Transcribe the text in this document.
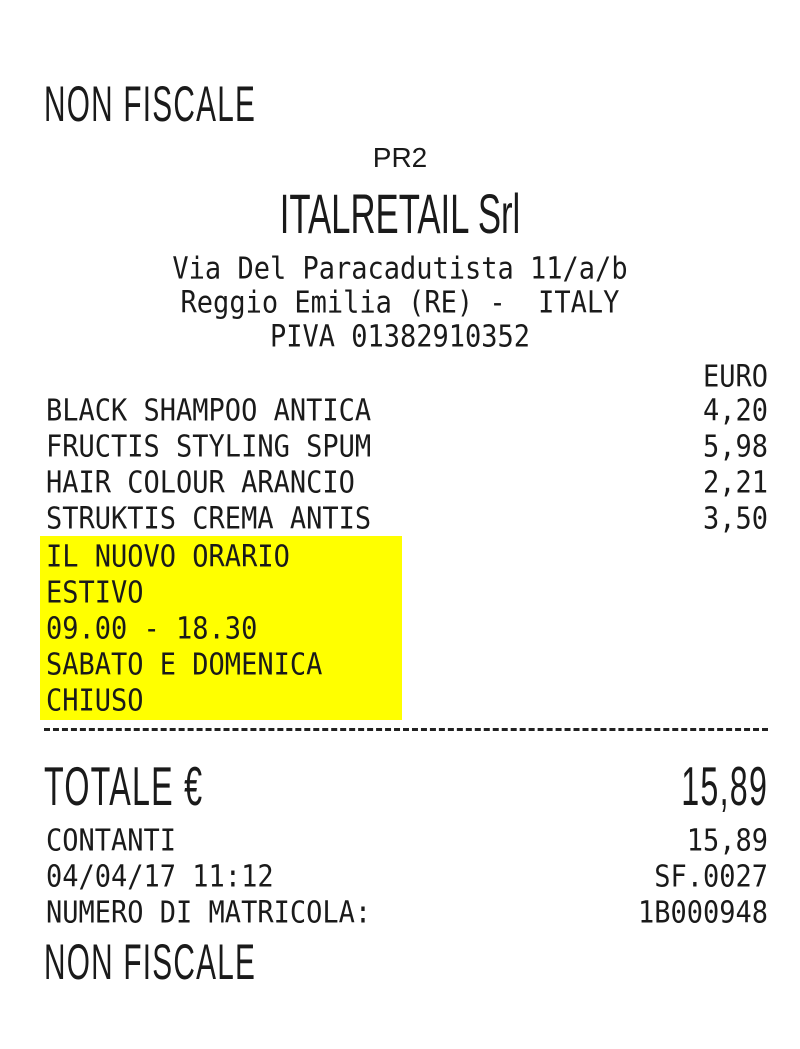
NON FISCALE
PR2
ITALRETAIL Srl
Via Del Paracadutista 11/a/b
Reggio Emilia (RE) -  ITALY
PIVA 01382910352
EURO
BLACK SHAMPOO ANTICA	4,20
FRUCTIS STYLING SPUM	5,98
HAIR COLOUR ARANCIO	2,21
STRUKTIS CREMA ANTIS	3,50
IL NUOVO ORARIO
ESTIVO
09.00 - 18.30
SABATO E DOMENICA
CHIUSO
TOTALE €	15,89
CONTANTI	15,89
04/04/17 11:12	SF.0027
NUMERO DI MATRICOLA:	1B000948
NON FISCALE
